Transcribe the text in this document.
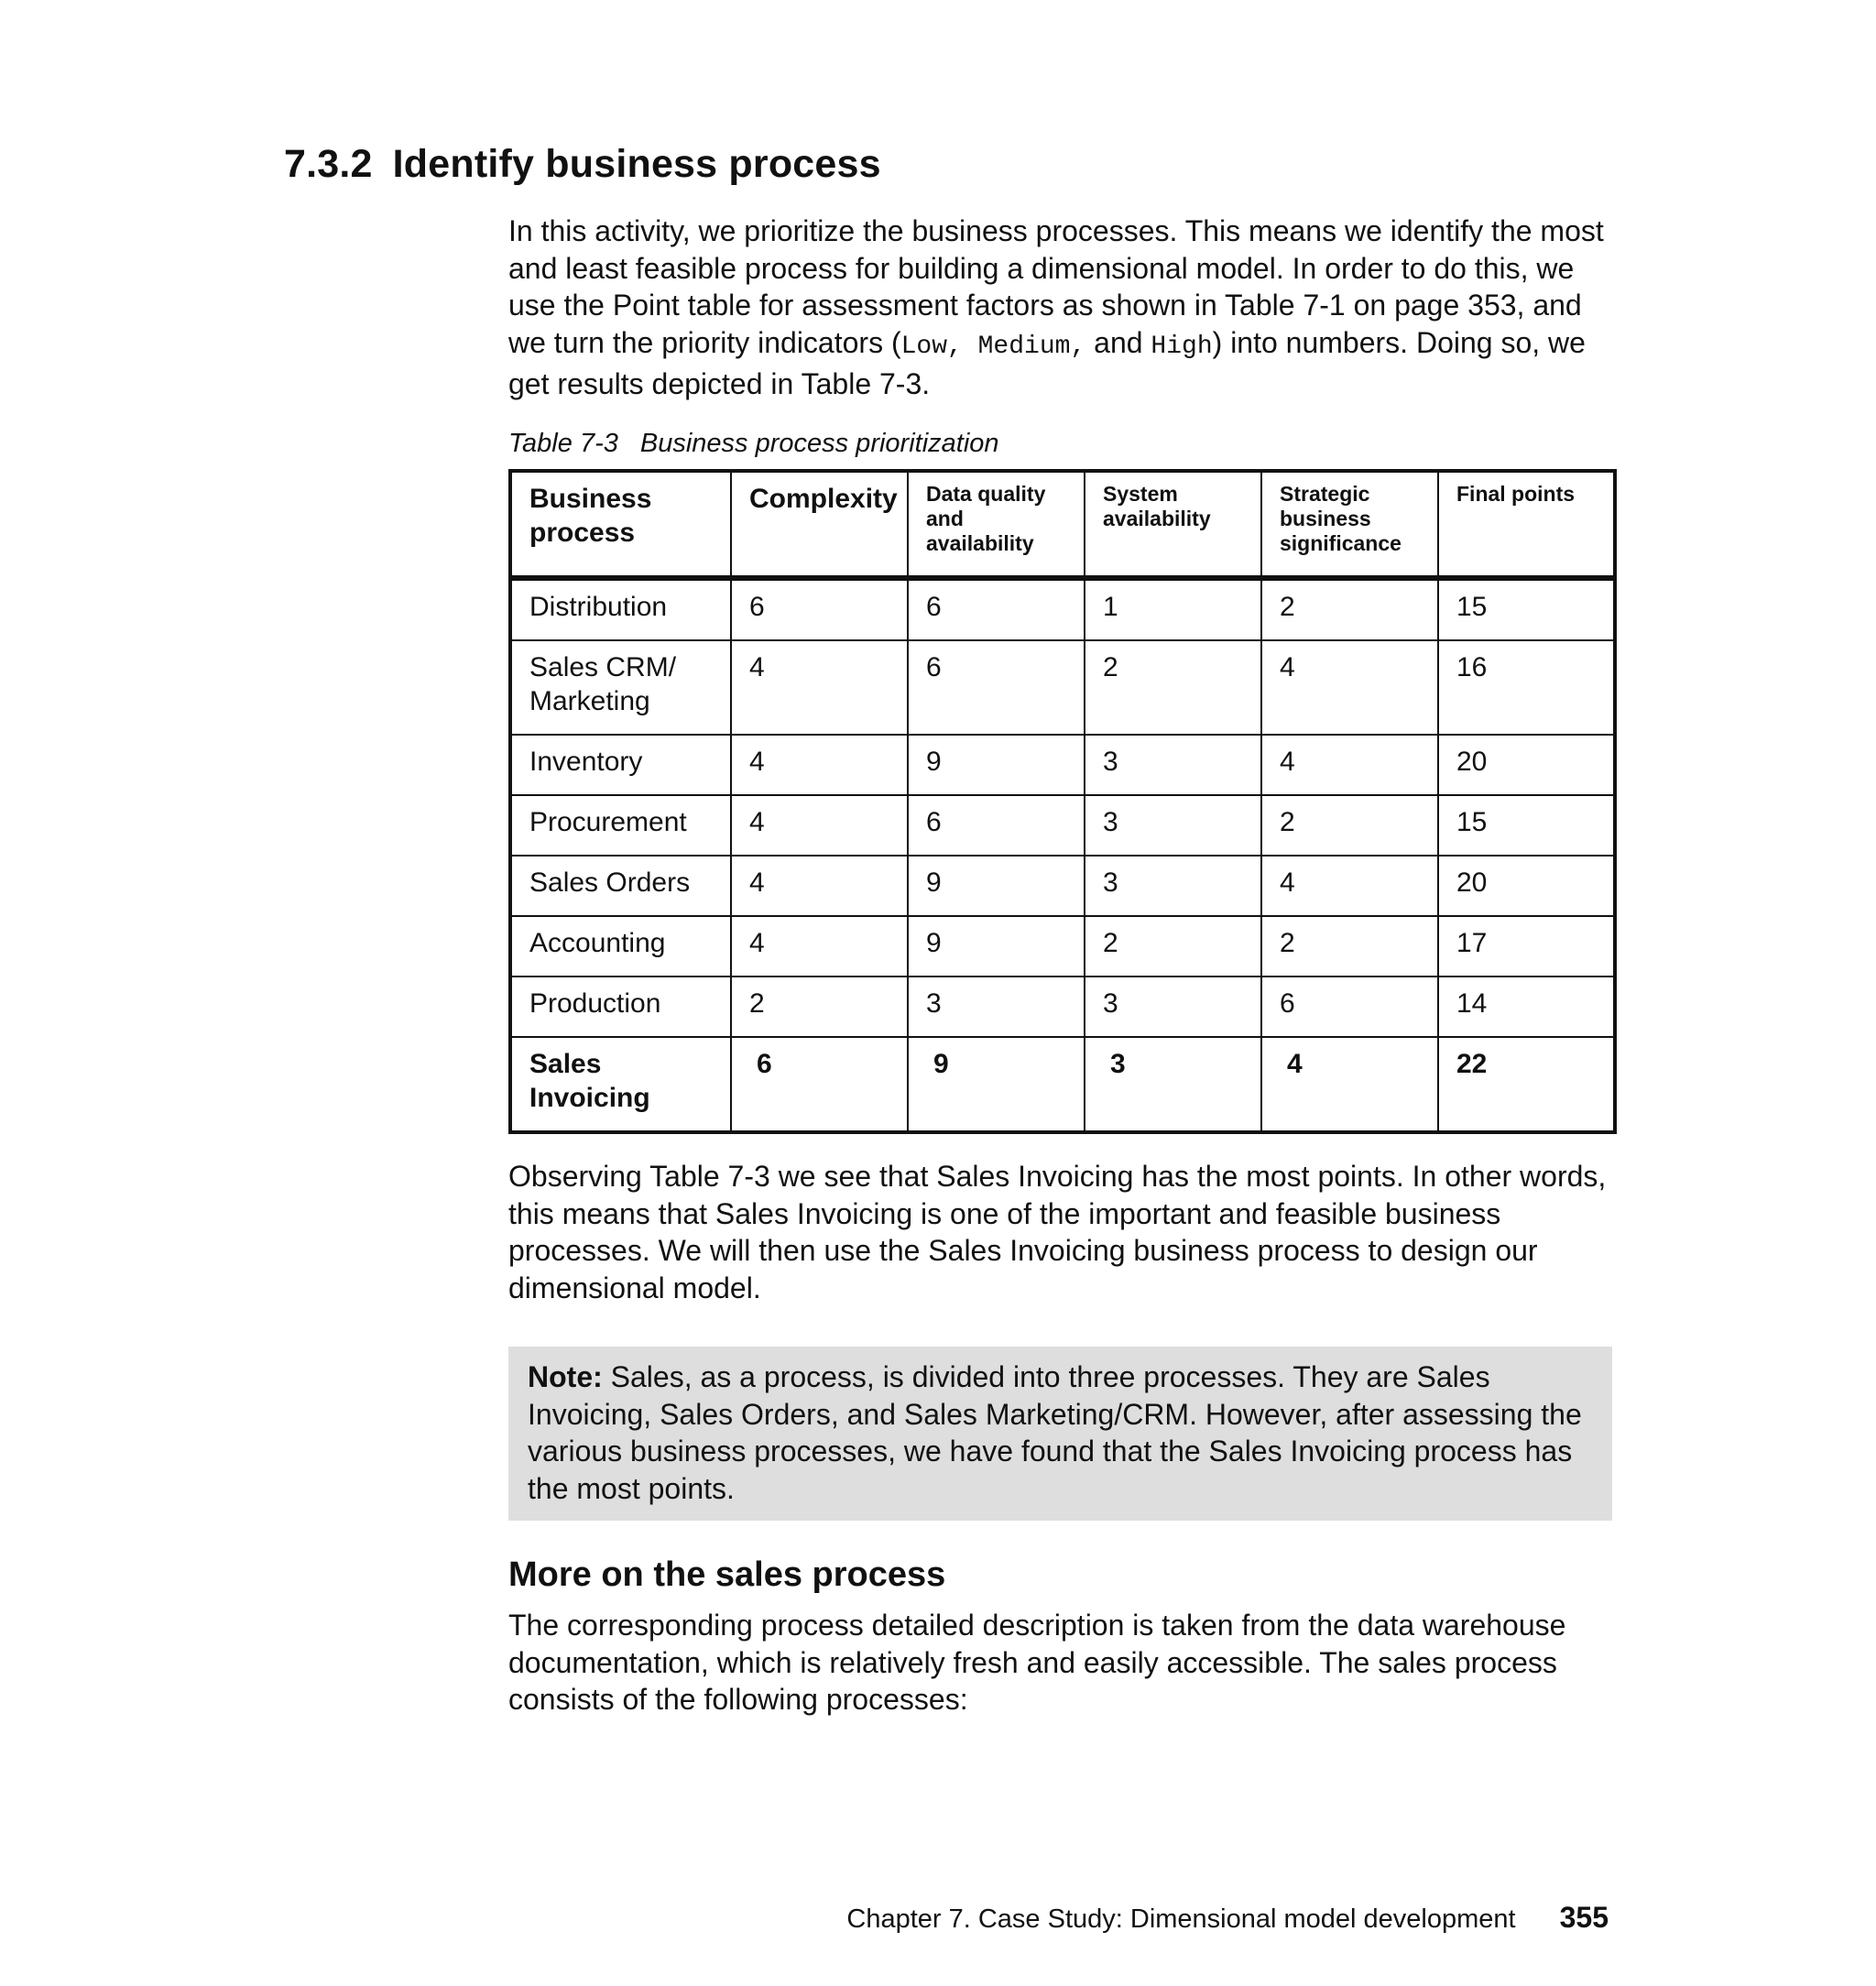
7.3.2 Identify business process

In this activity, we prioritize the business processes. This means we identify the most and least feasible process for building a dimensional model. In order to do this, we use the Point table for assessment factors as shown in Table 7-1 on page 353, and we turn the priority indicators (Low, Medium, and High) into numbers. Doing so, we get results depicted in Table 7-3.

Table 7-3 Business process prioritization

Business process	Complexity	Data quality and availability	System availability	Strategic business significance	Final points
Distribution	6	6	1	2	15
Sales CRM/ Marketing	4	6	2	4	16
Inventory	4	9	3	4	20
Procurement	4	6	3	2	15
Sales Orders	4	9	3	4	20
Accounting	4	9	2	2	17
Production	2	3	3	6	14
Sales Invoicing	6	9	3	4	22

Observing Table 7-3 we see that Sales Invoicing has the most points. In other words, this means that Sales Invoicing is one of the important and feasible business processes. We will then use the Sales Invoicing business process to design our dimensional model.

Note: Sales, as a process, is divided into three processes. They are Sales Invoicing, Sales Orders, and Sales Marketing/CRM. However, after assessing the various business processes, we have found that the Sales Invoicing process has the most points.

More on the sales process

The corresponding process detailed description is taken from the data warehouse documentation, which is relatively fresh and easily accessible. The sales process consists of the following processes:

Chapter 7. Case Study: Dimensional model development 355
